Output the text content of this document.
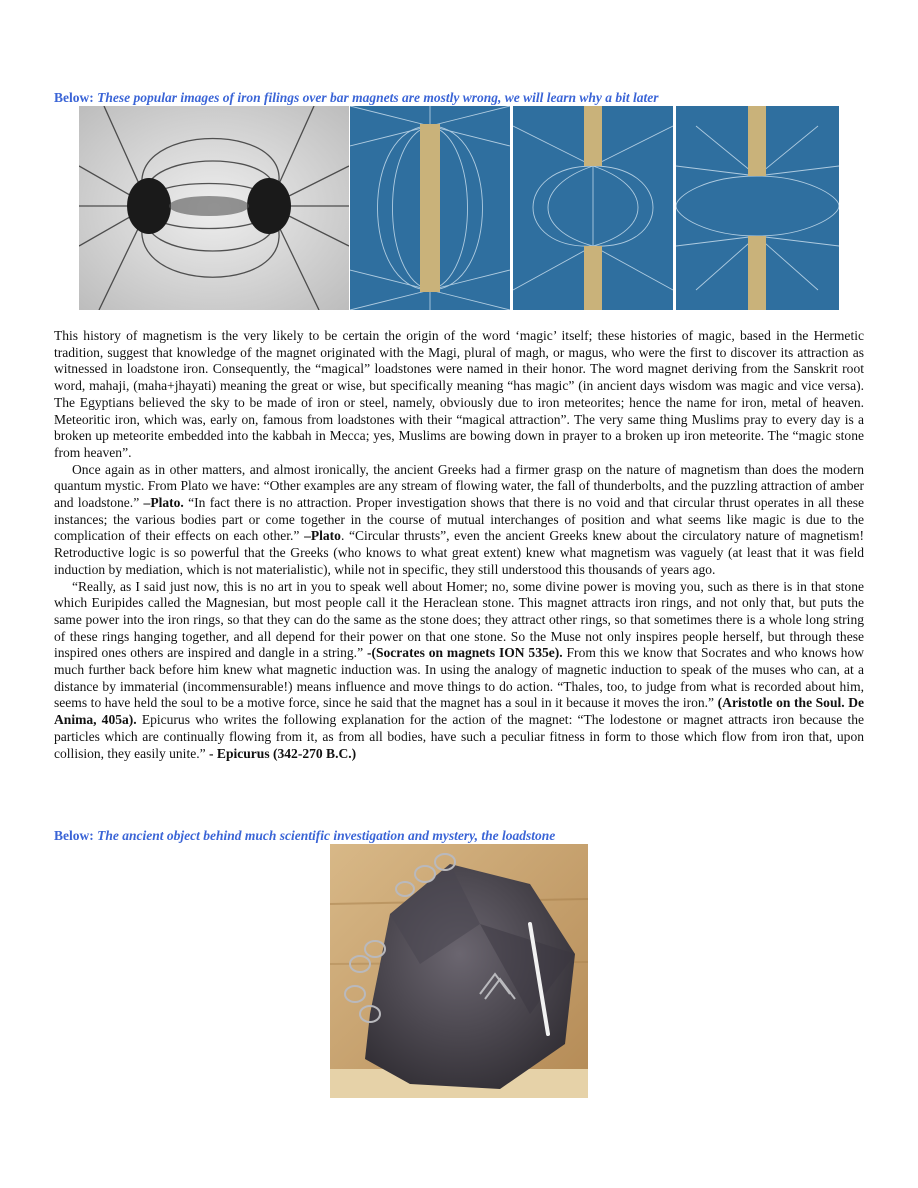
Below: These popular images of iron filings over bar magnets are mostly wrong, we will learn why a bit later

This history of magnetism is the very likely to be certain the origin of the word ‘magic’ itself; these histories of magic, based in the Hermetic tradition, suggest that knowledge of the magnet originated with the Magi, plural of magh, or magus, who were the first to discover its attraction as witnessed in loadstone iron. Consequently, the “magical” loadstones were named in their honor. The word magnet deriving from the Sanskrit root word, mahaji, (maha+jhayati) meaning the great or wise, but specifically meaning “has magic” (in ancient days wisdom was magic and vice versa). The Egyptians believed the sky to be made of iron or steel, namely, obviously due to iron meteorites; hence the name for iron, metal of heaven. Meteoritic iron, which was, early on, famous from loadstones with their “magical attraction”. The very same thing Muslims pray to every day is a broken up meteorite embedded into the kabbah in Mecca; yes, Muslims are bowing down in prayer to a broken up iron meteorite. The “magic stone from heaven”.

Once again as in other matters, and almost ironically, the ancient Greeks had a firmer grasp on the nature of magnetism than does the modern quantum mystic. From Plato we have: “Other examples are any stream of flowing water, the fall of thunderbolts, and the puzzling attraction of amber and loadstone.” –Plato. “In fact there is no attraction. Proper investigation shows that there is no void and that circular thrust operates in all these instances; the various bodies part or come together in the course of mutual interchanges of position and what seems like magic is due to the complication of their effects on each other.” –Plato. “Circular thrusts”, even the ancient Greeks knew about the circulatory nature of magnetism! Retroductive logic is so powerful that the Greeks (who knows to what great extent) knew what magnetism was vaguely (at least that it was field induction by mediation, which is not materialistic), while not in specific, they still understood this thousands of years ago.

“Really, as I said just now, this is no art in you to speak well about Homer; no, some divine power is moving you, such as there is in that stone which Euripides called the Magnesian, but most people call it the Heraclean stone. This magnet attracts iron rings, and not only that, but puts the same power into the iron rings, so that they can do the same as the stone does; they attract other rings, so that sometimes there is a whole long string of these rings hanging together, and all depend for their power on that one stone. So the Muse not only inspires people herself, but through these inspired ones others are inspired and dangle in a string.” -(Socrates on magnets ION 535e). From this we know that Socrates and who knows how much further back before him knew what magnetic induction was. In using the analogy of magnetic induction to speak of the muses who can, at a distance by immaterial (incommensurable!) means influence and move things to do action. “Thales, too, to judge from what is recorded about him, seems to have held the soul to be a motive force, since he said that the magnet has a soul in it because it moves the iron.” (Aristotle on the Soul. De Anima, 405a). Epicurus who writes the following explanation for the action of the magnet: “The lodestone or magnet attracts iron because the particles which are continually flowing from it, as from all bodies, have such a peculiar fitness in form to those which flow from iron that, upon collision, they easily unite.” - Epicurus (342-270 B.C.)

Below: The ancient object behind much scientific investigation and mystery, the loadstone
